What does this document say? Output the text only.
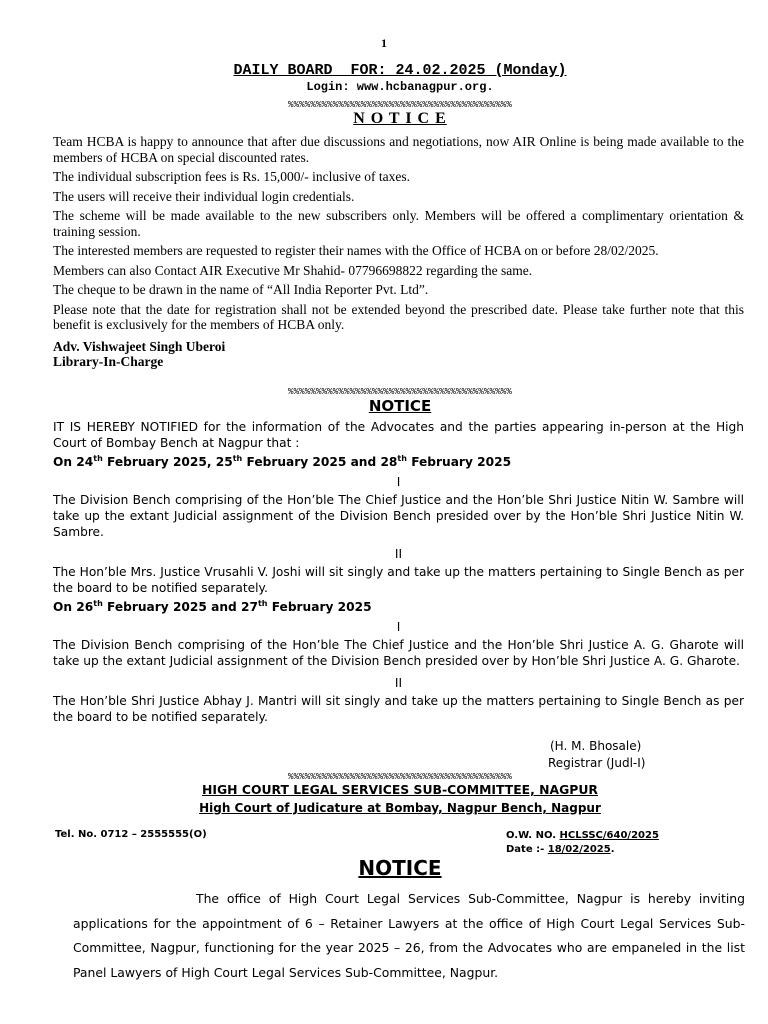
1
DAILY BOARD  FOR: 24.02.2025 (Monday)
Login: www.hcbanagpur.org.
%%%%%%%%%%%%%%%%%%%%%%%%%%%%%%%%%%%%%%%%
N O T I C E

Team HCBA is happy to announce that after due discussions and negotiations, now AIR Online is being made available to the members of HCBA on special discounted rates.

The individual subscription fees is Rs. 15,000/- inclusive of taxes.

The users will receive their individual login credentials.

The scheme will be made available to the new subscribers only. Members will be offered a complimentary orientation & training session.

The interested members are requested to register their names with the Office of HCBA on or before 28/02/2025.

Members can also Contact AIR Executive Mr Shahid- 07796698822 regarding the same.

The cheque to be drawn in the name of “All India Reporter Pvt. Ltd”.

Please note that the date for registration shall not be extended beyond the prescribed date. Please take further note that this benefit is exclusively for the members of HCBA only.

Adv. Vishwajeet Singh Uberoi
Library-In-Charge
%%%%%%%%%%%%%%%%%%%%%%%%%%%%%%%%%%%%%%%%
NOTICE

IT IS HEREBY NOTIFIED for the information of the Advocates and the parties appearing in-person at the High Court of Bombay Bench at Nagpur that :

On 24th February 2025, 25th February 2025 and 28th February 2025

I

The Division Bench comprising of the Hon’ble The Chief Justice and the Hon’ble Shri Justice Nitin W. Sambre will take up the extant Judicial assignment of the Division Bench presided over by the Hon’ble Shri Justice Nitin W. Sambre.

II

The Hon’ble Mrs. Justice Vrusahli V. Joshi will sit singly and take up the matters pertaining to Single Bench as per the board to be notified separately.

On 26th February 2025 and 27th February 2025

I

The Division Bench comprising of the Hon’ble The Chief Justice and the Hon’ble Shri Justice A. G. Gharote will take up the extant Judicial assignment of the Division Bench presided over by Hon’ble Shri Justice A. G. Gharote.

II

The Hon’ble Shri Justice Abhay J. Mantri will sit singly and take up the matters pertaining to Single Bench as per the board to be notified separately.

(H. M. Bhosale)
Registrar (Judl-I)
%%%%%%%%%%%%%%%%%%%%%%%%%%%%%%%%%%%%%%%%
HIGH COURT LEGAL SERVICES SUB-COMMITTEE, NAGPUR
High Court of Judicature at Bombay, Nagpur Bench, Nagpur
Tel. No. 0712 – 2555555(O)	O.W. NO. HCLSSC/640/2025
Date :- 18/02/2025.
NOTICE
The office of High Court Legal Services Sub-Committee, Nagpur is hereby inviting applications for the appointment of 6 – Retainer Lawyers at the office of High Court Legal Services Sub-Committee, Nagpur, functioning for the year 2025 – 26, from the Advocates who are empaneled in the list Panel Lawyers of High Court Legal Services Sub-Committee, Nagpur.
